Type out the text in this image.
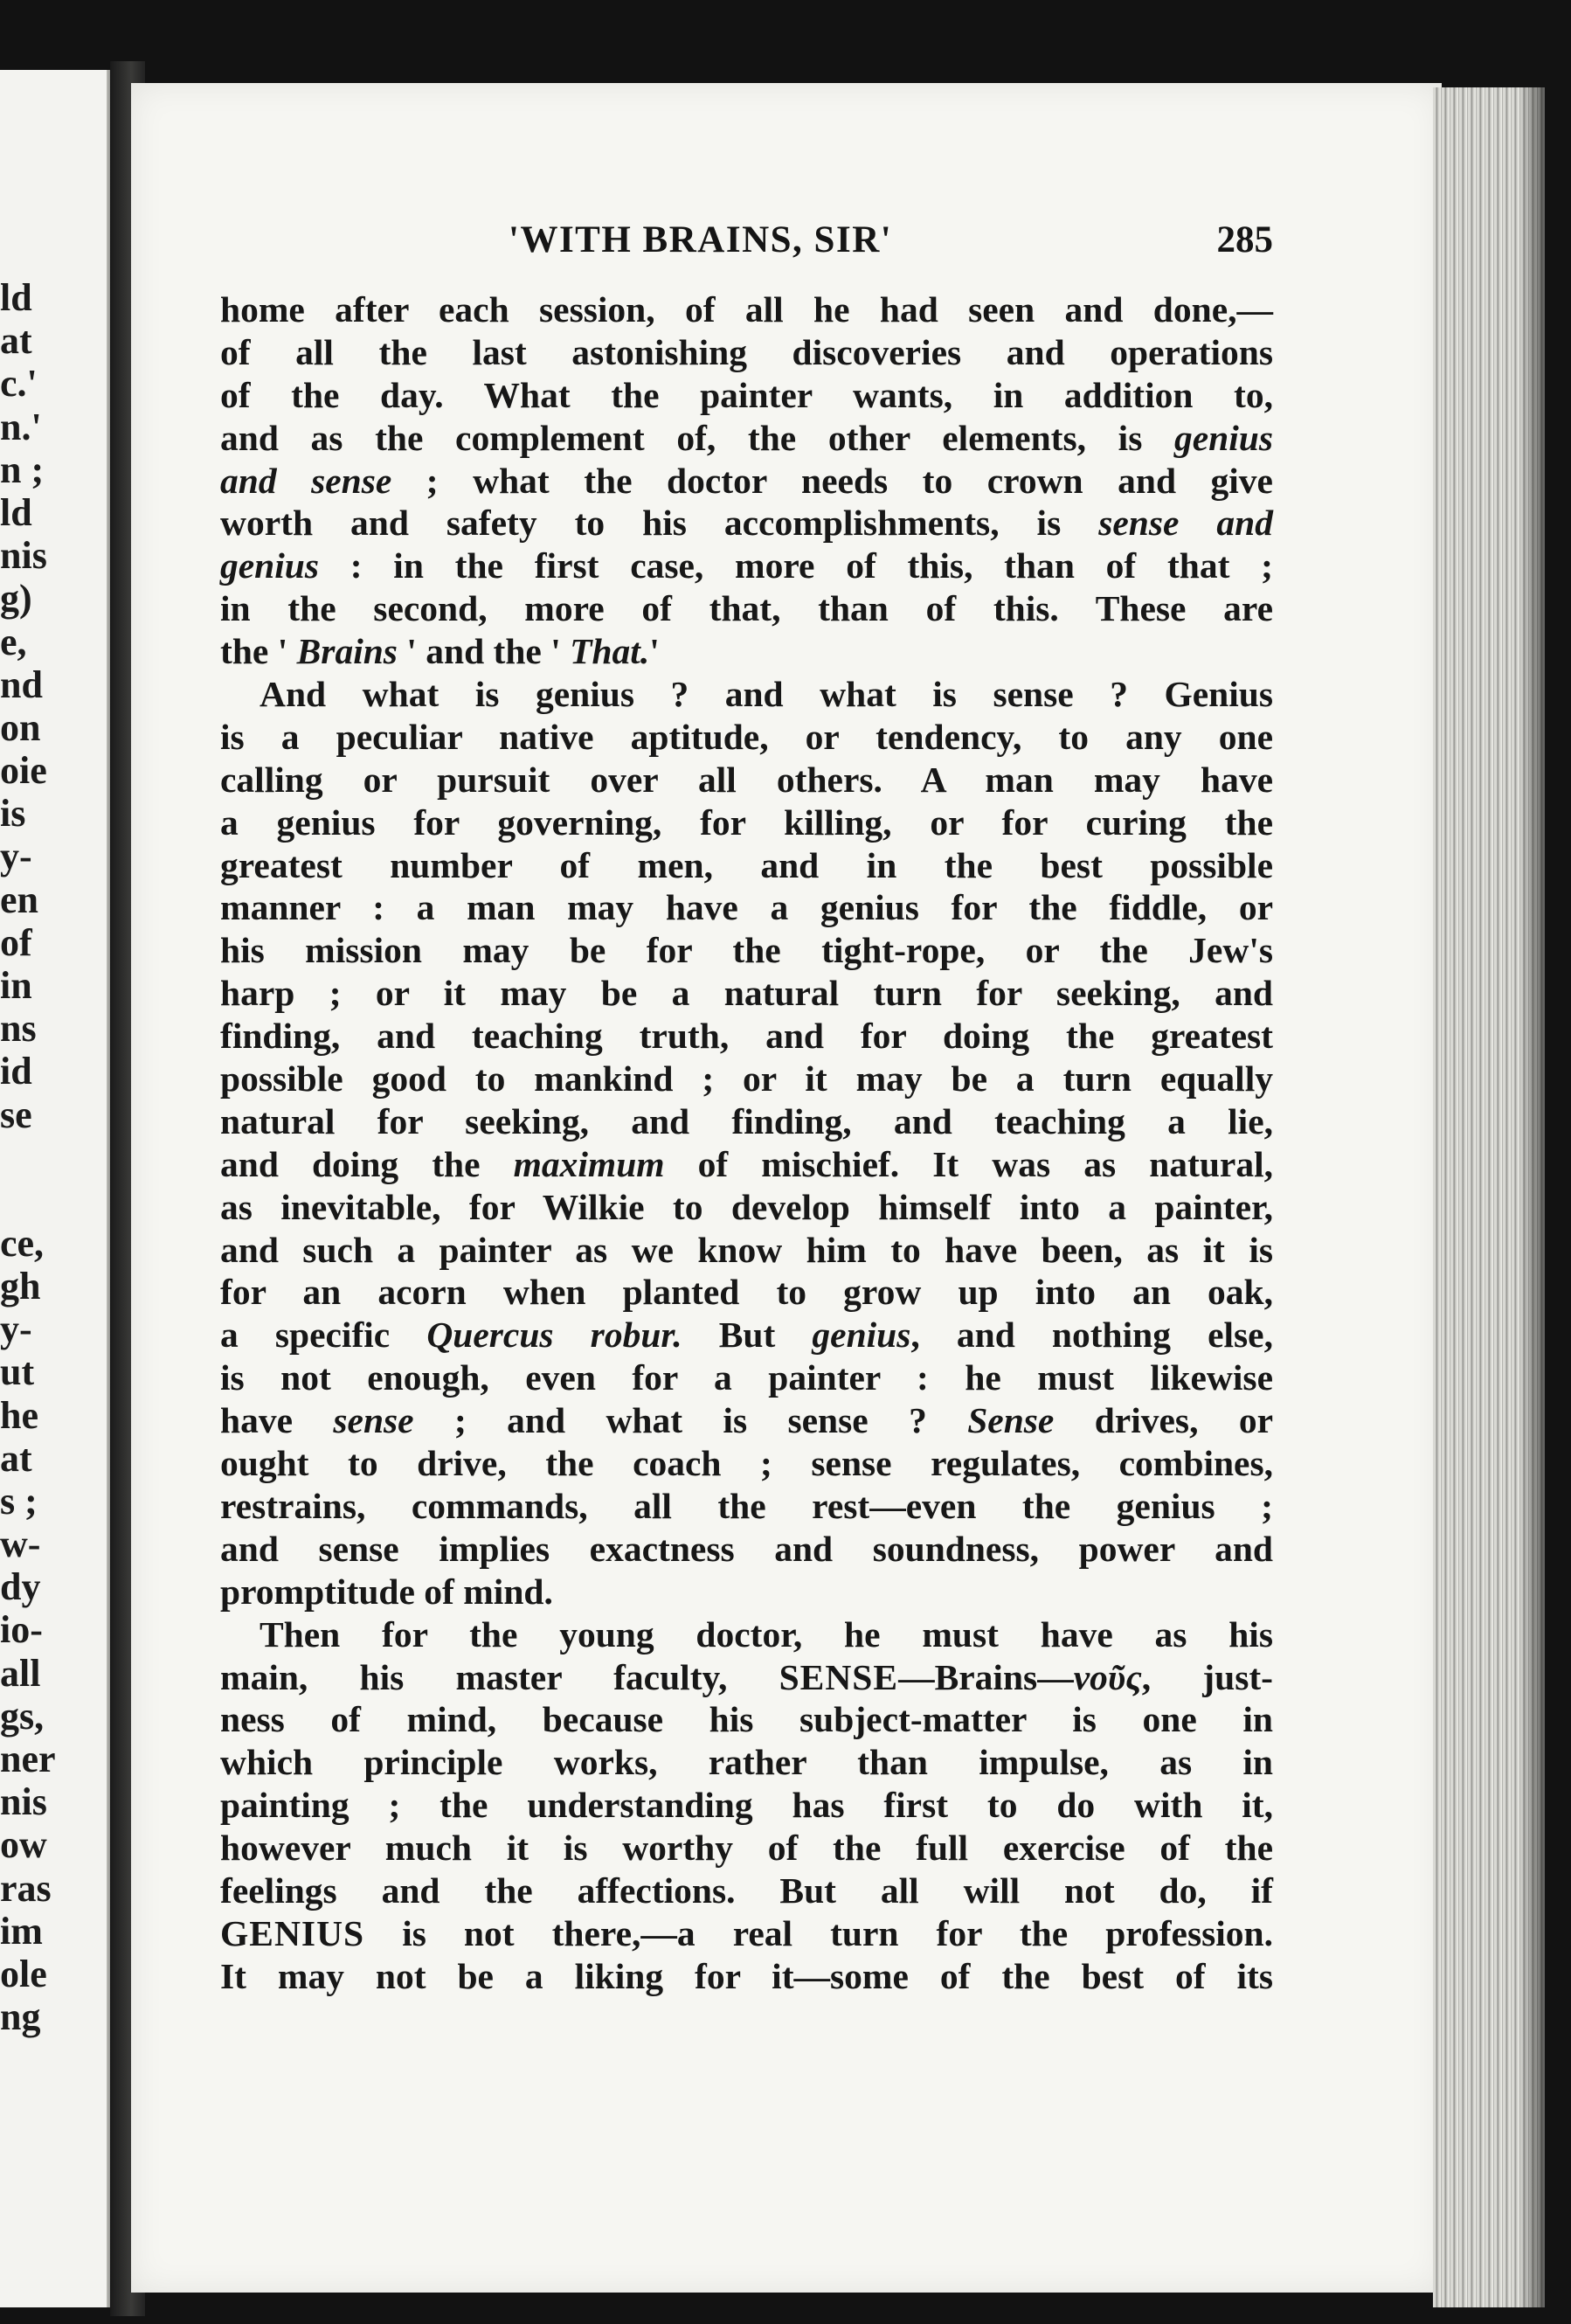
ld
at
c.'
n.'
n ;
ld
nis
g)
e,
nd
on
oie
is
y-
en
of
in
ns
id
se
ce,
gh
y-
ut
he
at
s ;
w-
dy
io-
all
gs,
ner
nis
ow
ras
im
ole
ng
'WITH BRAINS, SIR'	285
home after each session, of all he had seen and done,—
of all the last astonishing discoveries and operations
of the day. What the painter wants, in addition to,
and as the complement of, the other elements, is genius
and sense ; what the doctor needs to crown and give
worth and safety to his accomplishments, is sense and
genius : in the first case, more of this, than of that ;
in the second, more of that, than of this. These are
the ' Brains ' and the ' That.'
And what is genius ? and what is sense ? Genius
is a peculiar native aptitude, or tendency, to any one
calling or pursuit over all others. A man may have
a genius for governing, for killing, or for curing the
greatest number of men, and in the best possible
manner : a man may have a genius for the fiddle, or
his mission may be for the tight-rope, or the Jew's
harp ; or it may be a natural turn for seeking, and
finding, and teaching truth, and for doing the greatest
possible good to mankind ; or it may be a turn equally
natural for seeking, and finding, and teaching a lie,
and doing the maximum of mischief. It was as natural,
as inevitable, for Wilkie to develop himself into a painter,
and such a painter as we know him to have been, as it is
for an acorn when planted to grow up into an oak,
a specific Quercus robur. But genius, and nothing else,
is not enough, even for a painter : he must likewise
have sense ; and what is sense ? Sense drives, or
ought to drive, the coach ; sense regulates, combines,
restrains, commands, all the rest—even the genius ;
and sense implies exactness and soundness, power and
promptitude of mind.
Then for the young doctor, he must have as his
main, his master faculty, SENSE—Brains—νοῦς, just-
ness of mind, because his subject-matter is one in
which principle works, rather than impulse, as in
painting ; the understanding has first to do with it,
however much it is worthy of the full exercise of the
feelings and the affections. But all will not do, if
GENIUS is not there,—a real turn for the profession.
It may not be a liking for it—some of the best of its
